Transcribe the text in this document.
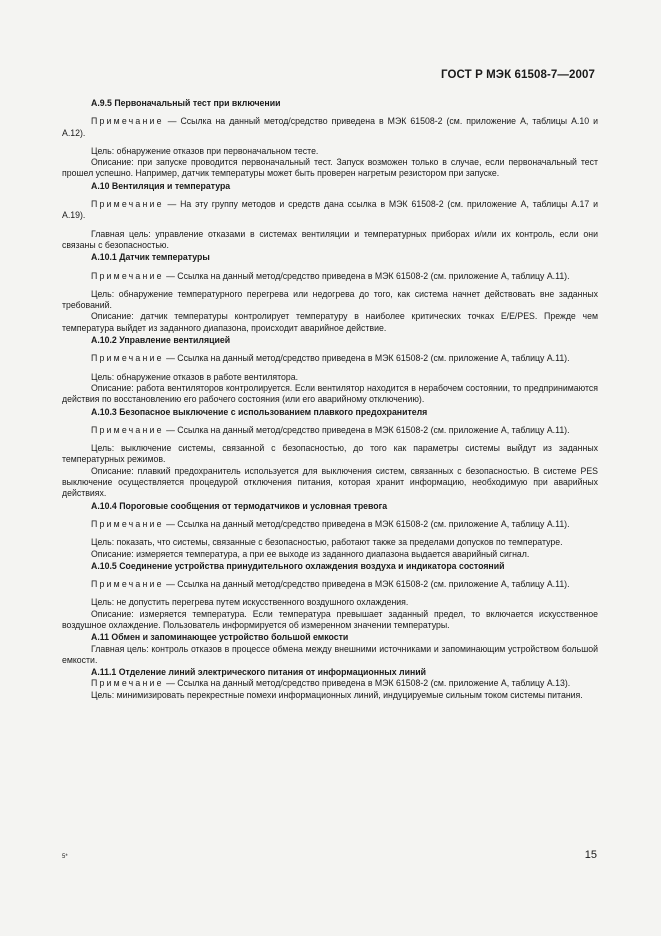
ГОСТ Р МЭК 61508-7—2007

А.9.5 Первоначальный тест при включении

Примечание — Ссылка на данный метод/средство приведена в МЭК 61508-2 (см. приложение А, таблицы А.10 и А.12).

Цель: обнаружение отказов при первоначальном тесте.

Описание: при запуске проводится первоначальный тест. Запуск возможен только в случае, если первоначальный тест прошел успешно. Например, датчик температуры может быть проверен нагретым резистором при запуске.

А.10 Вентиляция и температура

Примечание — На эту группу методов и средств дана ссылка в МЭК 61508-2 (см. приложение А, таблицы А.17 и А.19).

Главная цель: управление отказами в системах вентиляции и температурных приборах и/или их контроль, если они связаны с безопасностью.

А.10.1 Датчик температуры

Примечание — Ссылка на данный метод/средство приведена в МЭК 61508-2 (см. приложение А, таблицу А.11).

Цель: обнаружение температурного перегрева или недогрева до того, как система начнет действовать вне заданных требований.

Описание: датчик температуры контролирует температуру в наиболее критических точках E/E/PES. Прежде чем температура выйдет из заданного диапазона, происходит аварийное действие.

А.10.2 Управление вентиляцией

Примечание — Ссылка на данный метод/средство приведена в МЭК 61508-2 (см. приложение А, таблицу А.11).

Цель: обнаружение отказов в работе вентилятора.

Описание: работа вентиляторов контролируется. Если вентилятор находится в нерабочем состоянии, то предпринимаются действия по восстановлению его рабочего состояния (или его аварийному отключению).

А.10.3 Безопасное выключение с использованием плавкого предохранителя

Примечание — Ссылка на данный метод/средство приведена в МЭК 61508-2 (см. приложение А, таблицу А.11).

Цель: выключение системы, связанной с безопасностью, до того как параметры системы выйдут из заданных температурных режимов.

Описание: плавкий предохранитель используется для выключения систем, связанных с безопасностью. В системе PES выключение осуществляется процедурой отключения питания, которая хранит информацию, необходимую при аварийных действиях.

А.10.4 Пороговые сообщения от термодатчиков и условная тревога

Примечание — Ссылка на данный метод/средство приведена в МЭК 61508-2 (см. приложение А, таблицу А.11).

Цель: показать, что системы, связанные с безопасностью, работают также за пределами допусков по температуре.

Описание: измеряется температура, а при ее выходе из заданного диапазона выдается аварийный сигнал.

А.10.5 Соединение устройства принудительного охлаждения воздуха и индикатора состояний

Примечание — Ссылка на данный метод/средство приведена в МЭК 61508-2 (см. приложение А, таблицу А.11).

Цель: не допустить перегрева путем искусственного воздушного охлаждения.

Описание: измеряется температура. Если температура превышает заданный предел, то включается искусственное воздушное охлаждение. Пользователь информируется об измеренном значении температуры.

А.11 Обмен и запоминающее устройство большой емкости

Главная цель: контроль отказов в процессе обмена между внешними источниками и запоминающим устройством большой емкости.

А.11.1 Отделение линий электрического питания от информационных линий

Примечание — Ссылка на данный метод/средство приведена в МЭК 61508-2 (см. приложение А, таблицу А.13).

Цель: минимизировать перекрестные помехи информационных линий, индуцируемые сильным током системы питания.

5*	15
